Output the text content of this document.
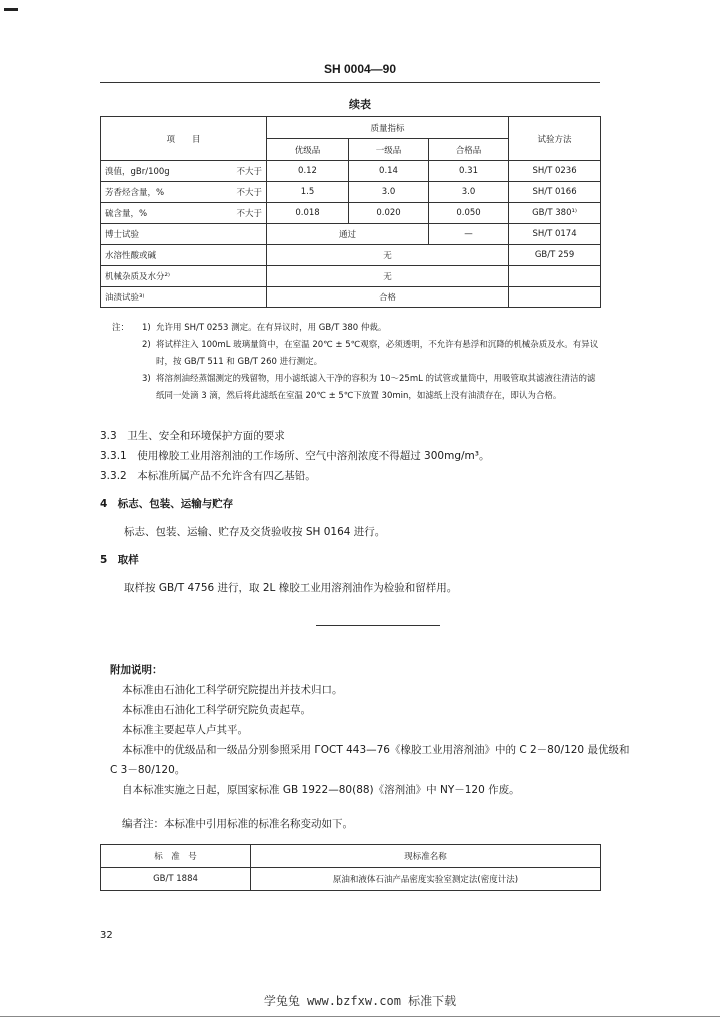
SH 0004—90
续表
项　　目	质量指标			试验方法
	优级品	一级品	合格品	

溴值，gBr/100g 不大于	0.12	0.14	0.31	SH/T 0236

芳香烃含量，% 不大于	1.5	3.0	3.0	SH/T 0166

硫含量，% 不大于	0.018	0.020	0.050	GB/T 380¹⁾
博士试验	通过		—	SH/T 0174
水溶性酸或碱	无			GB/T 259
机械杂质及水分²⁾	无			
油渍试验³⁾	合格			
注：	1) 允许用 SH/T 0253 测定。在有异议时，用 GB/T 380 仲裁。
2) 将试样注入 100mL 玻璃量筒中，在室温 20℃ ± 5℃观察，必须透明，不允许有悬浮和沉降的机械杂质及水。有异议时，按 GB/T 511 和 GB/T 260 进行测定。
3) 将溶剂油经蒸馏测定的残留物，用小滤纸滤入干净的容积为 10～25mL 的试管或量筒中，用吸管取其滤液往清洁的滤纸同一处滴 3 滴，然后将此滤纸在室温 20℃ ± 5℃下放置 30min，如滤纸上没有油渍存在，即认为合格。
3.3　卫生、安全和环境保护方面的要求
3.3.1　使用橡胶工业用溶剂油的工作场所、空气中溶剂浓度不得超过 300mg/m³。
3.3.2　本标准所属产品不允许含有四乙基铅。
4　标志、包装、运输与贮存
标志、包装、运输、贮存及交货验收按 SH 0164 进行。
5　取样
取样按 GB/T 4756 进行，取 2L 橡胶工业用溶剂油作为检验和留样用。
附加说明：
本标准由石油化工科学研究院提出并技术归口。
本标准由石油化工科学研究院负责起草。
本标准主要起草人卢其平。
本标准中的优级品和一级品分别参照采用 ГОСТ 443—76《橡胶工业用溶剂油》中的 C 2－80/120 最优级和 C 3－80/120。
自本标准实施之日起，原国家标准 GB 1922—80(88)《溶剂油》中 NY－120 作废。
编者注：本标准中引用标准的标准名称变动如下。
标　准　号	现标准名称
GB/T 1884	原油和液体石油产品密度实验室测定法(密度计法)
32
学兔兔 www.bzfxw.com 标准下载
